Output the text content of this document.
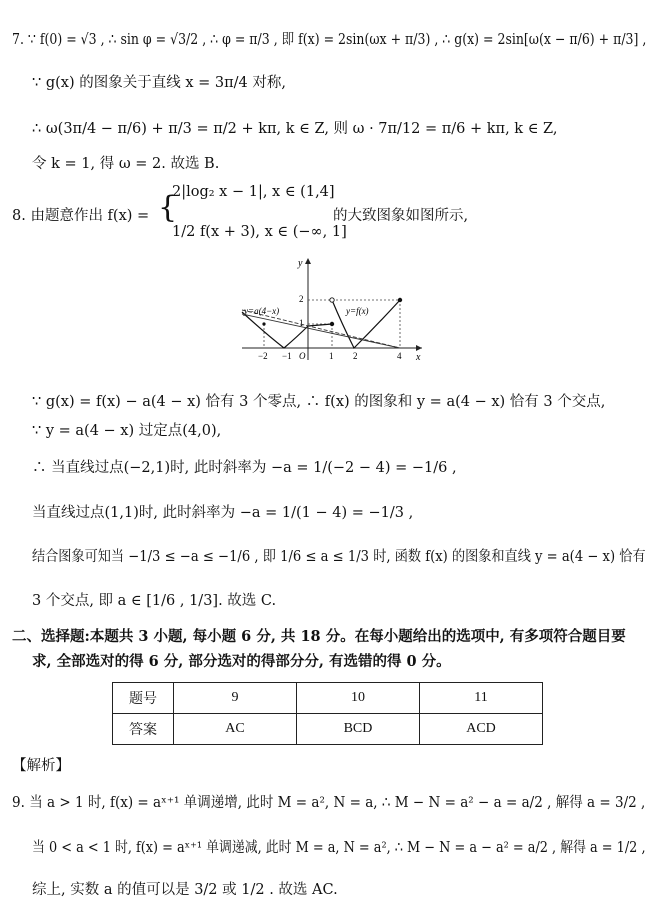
7. ∵ f(0) = √3 , ∴ sin φ = √3/2 , ∴ φ = π/3 , 即 f(x) = 2sin(ωx + π/3) , ∴ g(x) = 2sin[ω(x − π/6) + π/3] ,
∵ g(x) 的图象关于直线 x = 3π/4 对称,
∴ ω(3π/4 − π/6) + π/3 = π/2 + kπ, k ∈ Z, 则 ω · 7π/12 = π/6 + kπ, k ∈ Z,
令 k = 1, 得 ω = 2. 故选 B.
8. 由题意作出 f(x) = {
2|log₂ x − 1|, x ∈ (1,4]
1/2 f(x + 3), x ∈ (−∞, 1]
的大致图象如图所示,
y
x
O
−2 −1	1 2	4
2
1
y=a(4−x)	y=f(x)
∵ g(x) = f(x) − a(4 − x) 恰有 3 个零点, ∴ f(x) 的图象和 y = a(4 − x) 恰有 3 个交点,
∵ y = a(4 − x) 过定点(4,0),
∴ 当直线过点(−2,1)时, 此时斜率为 −a = 1/(−2 − 4) = −1/6 ,
当直线过点(1,1)时, 此时斜率为 −a = 1/(1 − 4) = −1/3 ,
结合图象可知当 −1/3 ≤ −a ≤ −1/6 , 即 1/6 ≤ a ≤ 1/3 时, 函数 f(x) 的图象和直线 y = a(4 − x) 恰有
3 个交点, 即 a ∈ [1/6 , 1/3]. 故选 C.
二、选择题:本题共 3 小题, 每小题 6 分, 共 18 分。在每小题给出的选项中, 有多项符合题目要
求, 全部选对的得 6 分, 部分选对的得部分分, 有选错的得 0 分。
题号	9	10	11
答案	AC	BCD	ACD
【解析】
9. 当 a > 1 时, f(x) = aˣ⁺¹ 单调递增, 此时 M = a², N = a, ∴ M − N = a² − a = a/2 , 解得 a = 3/2 ,
当 0 < a < 1 时, f(x) = aˣ⁺¹ 单调递减, 此时 M = a, N = a², ∴ M − N = a − a² = a/2 , 解得 a = 1/2 ,
综上, 实数 a 的值可以是 3/2 或 1/2 . 故选 AC.
